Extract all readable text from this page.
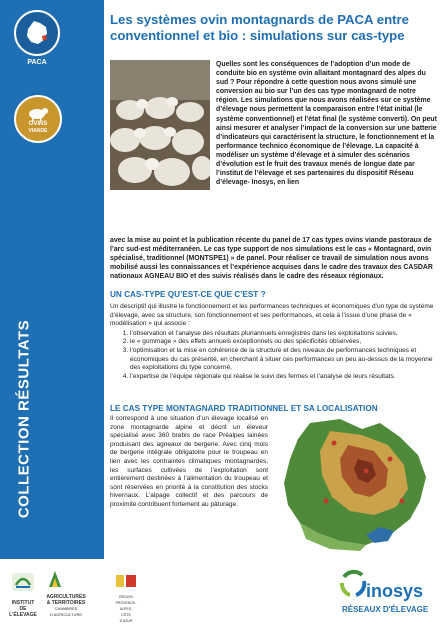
PACA
OVINS
VIANDE
COLLECTION RÉSULTATS
Les systèmes ovin montagnards de PACA entre conventionnel et bio : simulations sur cas-type
Quelles sont les conséquences de l’adoption d’un mode de conduite bio en système ovin allaitant montagnard des alpes du sud ? Pour répondre à cette question nous avons simulé une conversion au bio sur l’un des cas type montagnard de notre région. Les simulations que nous avons réalisées sur ce système d’élevage nous permettent la comparaison entre l’état initial (le système conventionnel) et l’état final (le système converti). On peut ainsi mesurer et analyser l’impact de la conversion sur une batterie d’indicateurs qui caractérisent la structure, le fonctionnement et la performance technico économique de l’élevage. La capacité à modéliser un système d’élevage et à simuler des scénarios d’évolution est le fruit des travaux menés de longue date par l’institut de l’élevage et ses partenaires du dispositif Réseau d’élevage- Inosys, en lien
avec la mise au point et la publication récente du panel de 17 cas types ovins viande pastoraux de l’arc sud-est méditerranéen. Le cas type support de nos simulations est le cas « Montagnard, ovin spécialisé, traditionnel (MONTSPE1) » de panel. Pour réaliser ce travail de simulation nous avons mobilisé aussi les connaissances et l’expérience acquises dans le cadre des travaux des CASDAR nationaux AGNEAU BIO et des suivis réalisés dans le cadre des réseaux régionaux.
UN CAS-TYPE QU’EST-CE QUE C’EST ?

Un descriptif qui illustre le fonctionnement et les performances techniques et économiques d’un type de système d’élevage, avec sa structure, son fonctionnement et ses performances, et cela à l’issue d’une phase de « modélisation » qui associe :

1. l’observation et l’analyse des résultats pluriannuels enregistrés dans les exploitations suivies,
2. le « gommage » des effets annuels exceptionnels ou des spécificités observées,
3. l’optimisation et la mise en cohérence de la structure et des niveaux de performances techniques et économiques du cas présenté, en cherchant à situer ces performances un peu au-dessus de la moyenne des exploitations du type concerné,
4. l’expertise de l’équipe régionale qui réalise le suivi des fermes et l’analyse de leurs résultats.
LE CAS TYPE MONTAGNARD TRADITIONNEL ET SA LOCALISATION
Il correspond à une situation d’un élevage localisé en zone montagnarde alpine et décrit un éleveur spécialisé avec 360 brebis de race Préalpes lainées produisant des agneaux de bergerie. Avec cinq mois de bergerie intégrale obligatoire pour le troupeau en lien avec les contraintes climatiques montagnardes, les surfaces cultivées de l’exploitation sont entièrement destinées à l’alimentation du troupeau et sont réservées en priorité à la constitution des stocks hivernaux. L’alpage collectif et des parcours de proximité contribuent fortement au pâturage.
INSTITUT DE L'ÉLEVAGE
AGRICULTURES & TERRITOIRES
CHAMBRES D'AGRICULTURE
RÉGION PROVENCE-ALPES-CÔTE D'AZUR
inosys
RÉSEAUX D'ÉLEVAGE
